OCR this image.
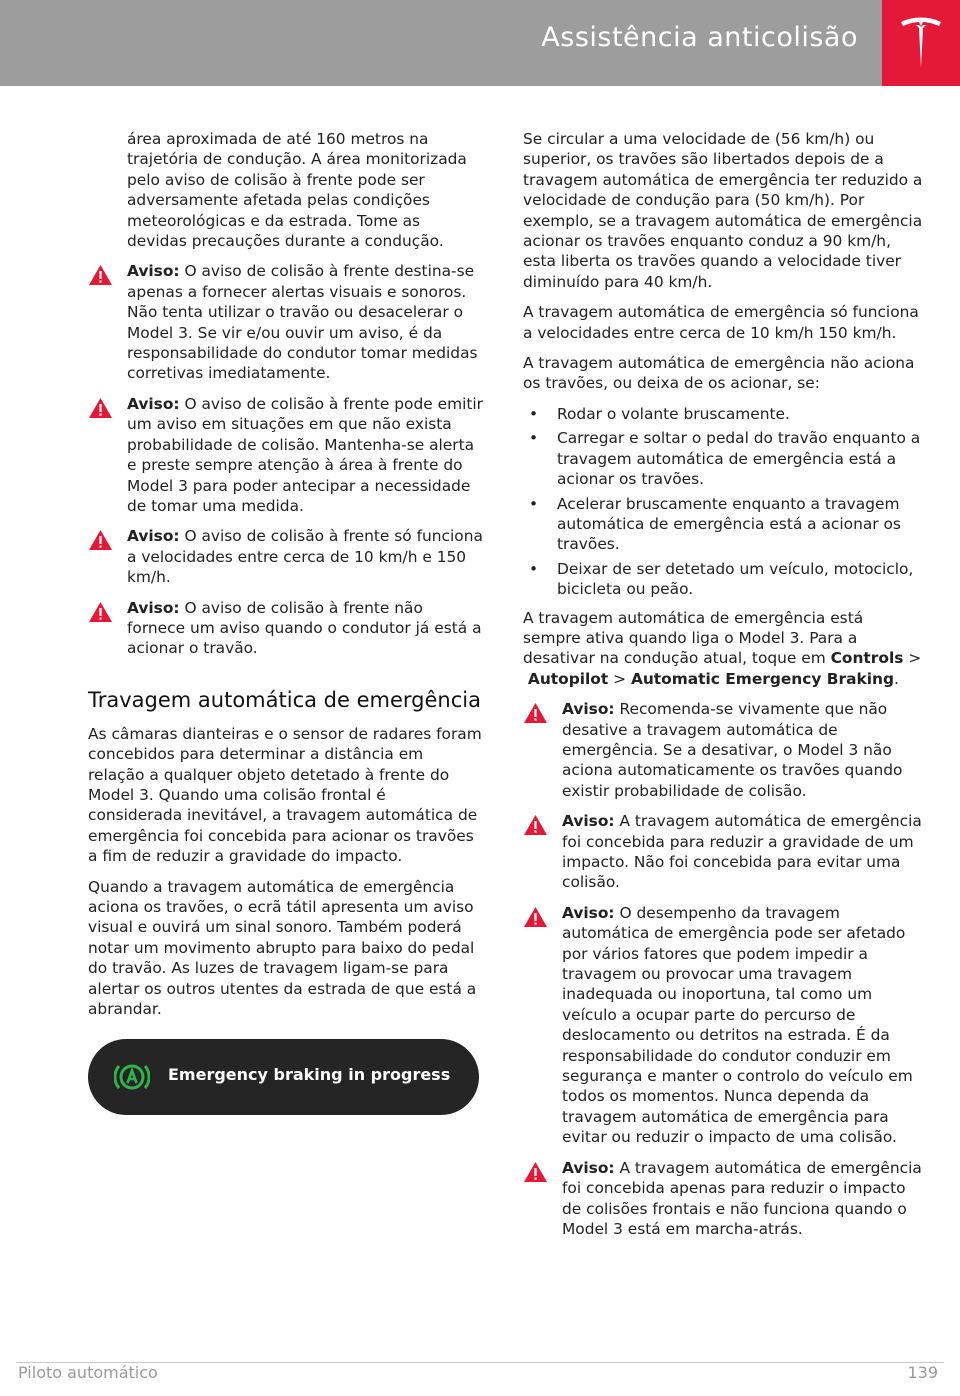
Assistência anticolisão

área aproximada de até 160 metros na trajetória de condução. A área monitorizada pelo aviso de colisão à frente pode ser adversamente afetada pelas condições meteorológicas e da estrada. Tome as devidas precauções durante a condução.

Aviso: O aviso de colisão à frente destina-se apenas a fornecer alertas visuais e sonoros. Não tenta utilizar o travão ou desacelerar o Model 3. Se vir e/ou ouvir um aviso, é da responsabilidade do condutor tomar medidas corretivas imediatamente.
Aviso: O aviso de colisão à frente pode emitir um aviso em situações em que não exista probabilidade de colisão. Mantenha-se alerta e preste sempre atenção à área à frente do Model 3 para poder antecipar a necessidade de tomar uma medida.
Aviso: O aviso de colisão à frente só funciona a velocidades entre cerca de 10 km/h e 150 km/h.
Aviso: O aviso de colisão à frente não fornece um aviso quando o condutor já está a acionar o travão.
Travagem automática de emergência

As câmaras dianteiras e o sensor de radares foram concebidos para determinar a distância em relação a qualquer objeto detetado à frente do Model 3. Quando uma colisão frontal é considerada inevitável, a travagem automática de emergência foi concebida para acionar os travões a fim de reduzir a gravidade do impacto.

Quando a travagem automática de emergência aciona os travões, o ecrã tátil apresenta um aviso visual e ouvirá um sinal sonoro. Também poderá notar um movimento abrupto para baixo do pedal do travão. As luzes de travagem ligam-se para alertar os outros utentes da estrada de que está a abrandar.

Emergency braking in progress

Se circular a uma velocidade de (56 km/h) ou superior, os travões são libertados depois de a travagem automática de emergência ter reduzido a velocidade de condução para (50 km/h). Por exemplo, se a travagem automática de emergência acionar os travões enquanto conduz a 90 km/h, esta liberta os travões quando a velocidade tiver diminuído para 40 km/h.

A travagem automática de emergência só funciona a velocidades entre cerca de 10 km/h 150 km/h.

A travagem automática de emergência não aciona os travões, ou deixa de os acionar, se:

• Rodar o volante bruscamente.
• Carregar e soltar o pedal do travão enquanto a travagem automática de emergência está a acionar os travões.
• Acelerar bruscamente enquanto a travagem automática de emergência está a acionar os travões.
• Deixar de ser detetado um veículo, motociclo, bicicleta ou peão.

A travagem automática de emergência está sempre ativa quando liga o Model 3. Para a desativar na condução atual, toque em Controls > Autopilot > Automatic Emergency Braking.

Aviso: Recomenda-se vivamente que não desative a travagem automática de emergência. Se a desativar, o Model 3 não aciona automaticamente os travões quando existir probabilidade de colisão.
Aviso: A travagem automática de emergência foi concebida para reduzir a gravidade de um impacto. Não foi concebida para evitar uma colisão.
Aviso: O desempenho da travagem automática de emergência pode ser afetado por vários fatores que podem impedir a travagem ou provocar uma travagem inadequada ou inoportuna, tal como um veículo a ocupar parte do percurso de deslocamento ou detritos na estrada. É da responsabilidade do condutor conduzir em segurança e manter o controlo do veículo em todos os momentos. Nunca dependa da travagem automática de emergência para evitar ou reduzir o impacto de uma colisão.
Aviso: A travagem automática de emergência foi concebida apenas para reduzir o impacto de colisões frontais e não funciona quando o Model 3 está em marcha-atrás.
Piloto automático	139
